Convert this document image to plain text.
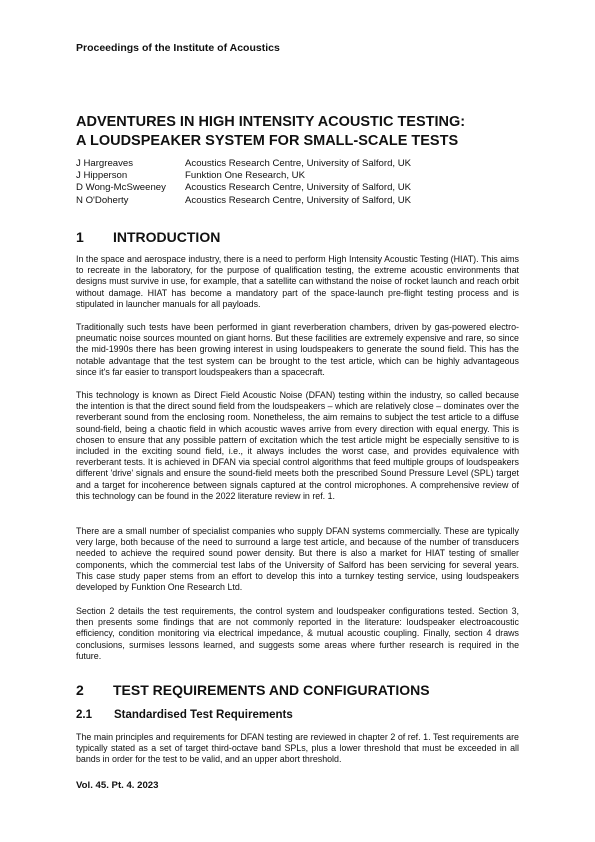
Proceedings of the Institute of Acoustics
ADVENTURES IN HIGH INTENSITY ACOUSTIC TESTING:
A LOUDSPEAKER SYSTEM FOR SMALL-SCALE TESTS
J Hargreaves	Acoustics Research Centre, University of Salford, UK
J Hipperson	Funktion One Research, UK
D Wong-McSweeney	Acoustics Research Centre, University of Salford, UK
N O'Doherty	Acoustics Research Centre, University of Salford, UK
1 INTRODUCTION
In the space and aerospace industry, there is a need to perform High Intensity Acoustic Testing (HIAT). This aims to recreate in the laboratory, for the purpose of qualification testing, the extreme acoustic environments that designs must survive in use, for example, that a satellite can withstand the noise of rocket launch and reach orbit without damage. HIAT has become a mandatory part of the space-launch pre-flight testing process and is stipulated in launcher manuals for all payloads.
Traditionally such tests have been performed in giant reverberation chambers, driven by gas-powered electro-pneumatic noise sources mounted on giant horns. But these facilities are extremely expensive and rare, so since the mid-1990s there has been growing interest in using loudspeakers to generate the sound field. This has the notable advantage that the test system can be brought to the test article, which can be highly advantageous since it's far easier to transport loudspeakers than a spacecraft.
This technology is known as Direct Field Acoustic Noise (DFAN) testing within the industry, so called because the intention is that the direct sound field from the loudspeakers – which are relatively close – dominates over the reverberant sound from the enclosing room. Nonetheless, the aim remains to subject the test article to a diffuse sound-field, being a chaotic field in which acoustic waves arrive from every direction with equal energy. This is chosen to ensure that any possible pattern of excitation which the test article might be especially sensitive to is included in the exciting sound field, i.e., it always includes the worst case, and provides equivalence with reverberant tests. It is achieved in DFAN via special control algorithms that feed multiple groups of loudspeakers different 'drive' signals and ensure the sound-field meets both the prescribed Sound Pressure Level (SPL) target and a target for incoherence between signals captured at the control microphones. A comprehensive review of this technology can be found in the 2022 literature review in ref. 1.
There are a small number of specialist companies who supply DFAN systems commercially. These are typically very large, both because of the need to surround a large test article, and because of the number of transducers needed to achieve the required sound power density. But there is also a market for HIAT testing of smaller components, which the commercial test labs of the University of Salford has been servicing for several years. This case study paper stems from an effort to develop this into a turnkey testing service, using loudspeakers developed by Funktion One Research Ltd.
Section 2 details the test requirements, the control system and loudspeaker configurations tested. Section 3, then presents some findings that are not commonly reported in the literature: loudspeaker electroacoustic efficiency, condition monitoring via electrical impedance, & mutual acoustic coupling. Finally, section 4 draws conclusions, surmises lessons learned, and suggests some areas where further research is required in the future.
2 TEST REQUIREMENTS AND CONFIGURATIONS
2.1 Standardised Test Requirements
The main principles and requirements for DFAN testing are reviewed in chapter 2 of ref. 1. Test requirements are typically stated as a set of target third-octave band SPLs, plus a lower threshold that must be exceeded in all bands in order for the test to be valid, and an upper abort threshold.
Vol. 45. Pt. 4. 2023
